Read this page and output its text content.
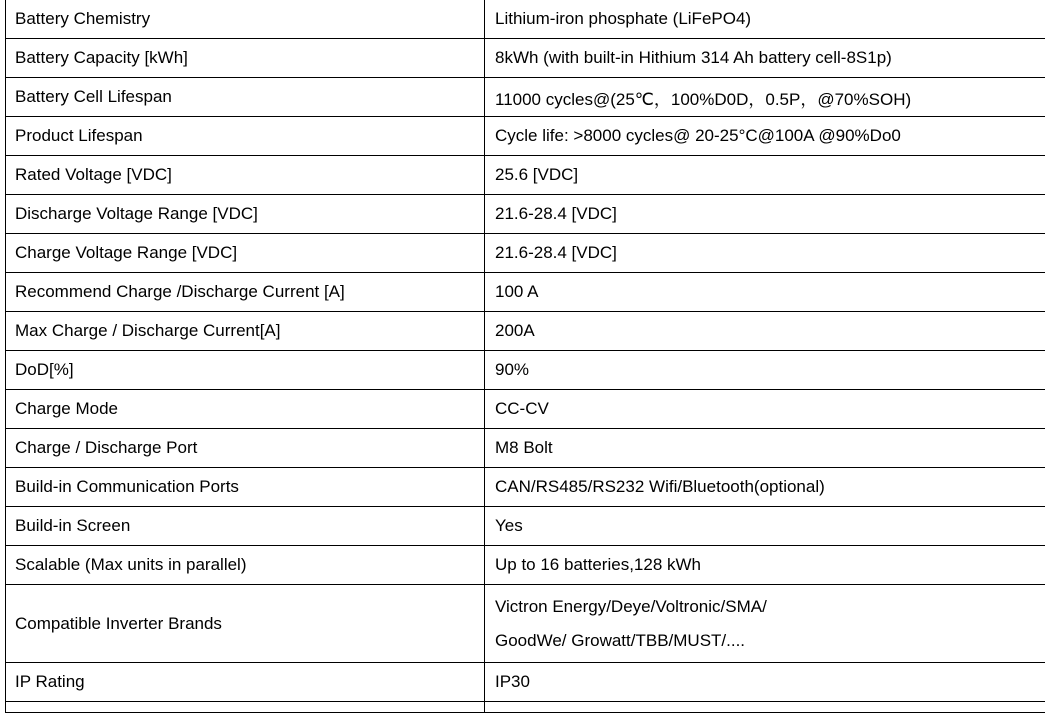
Battery Chemistry	Lithium-iron phosphate (LiFePO4)
Battery Capacity [kWh]	8kWh (with built-in Hithium 314 Ah battery cell-8S1p)
Battery Cell Lifespan	11000 cycles@(25℃，100%D0D，0.5P，@70%SOH)
Product Lifespan	Cycle life: >8000 cycles@ 20-25°C@100A @90%Do0
Rated Voltage [VDC]	25.6 [VDC]
Discharge Voltage Range [VDC]	21.6-28.4 [VDC]
Charge Voltage Range [VDC]	21.6-28.4 [VDC]
Recommend Charge /Discharge Current [A]	100 A
Max Charge / Discharge Current[A]	200A
DoD[%]	90%
Charge Mode	CC-CV
Charge / Discharge Port	M8 Bolt
Build-in Communication Ports	CAN/RS485/RS232 Wifi/Bluetooth(optional)
Build-in Screen	Yes
Scalable (Max units in parallel)	Up to 16 batteries,128 kWh
Compatible Inverter Brands	Victron Energy/Deye/Voltronic/SMA/
GoodWe/ Growatt/TBB/MUST/....

IP Rating	IP30
